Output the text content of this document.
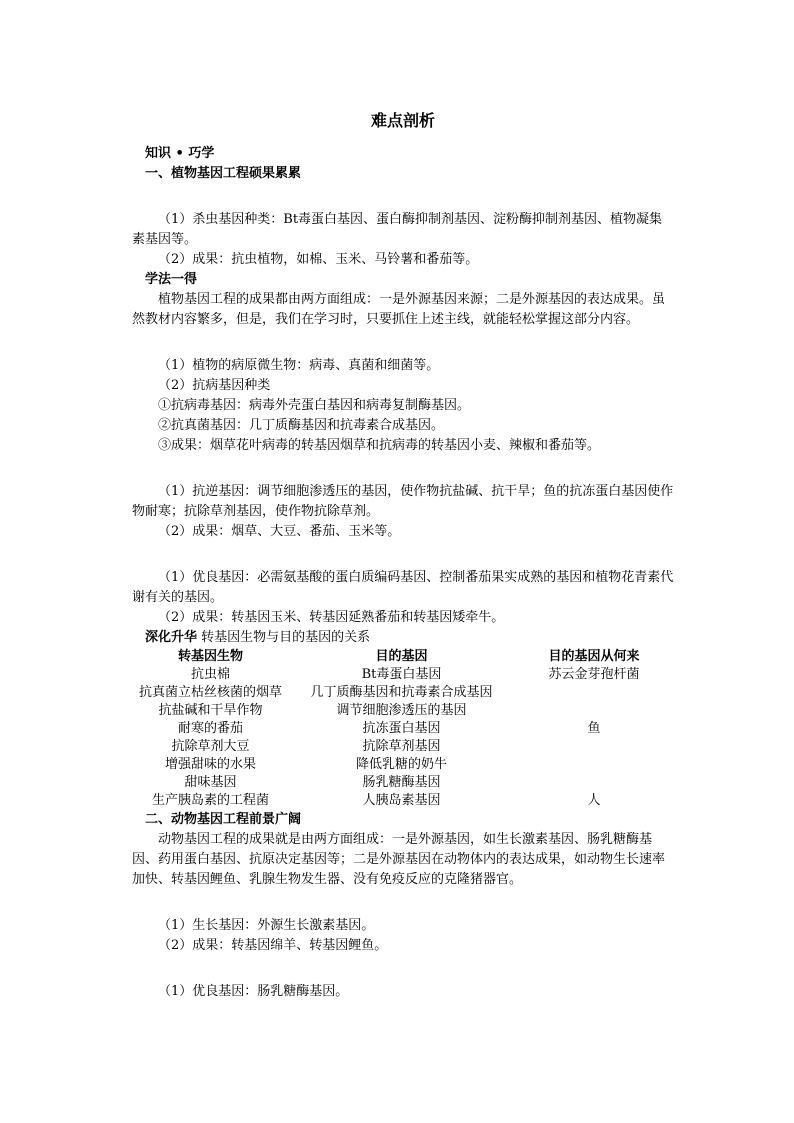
难点剖析
知识 • 巧学
一、植物基因工程硕果累累
（1）杀虫基因种类：Bt毒蛋白基因、蛋白酶抑制剂基因、淀粉酶抑制剂基因、植物凝集素基因等。
（2）成果：抗虫植物，如棉、玉米、马铃薯和番茄等。
学法一得
植物基因工程的成果都由两方面组成：一是外源基因来源；二是外源基因的表达成果。虽然教材内容繁多，但是，我们在学习时，只要抓住上述主线，就能轻松掌握这部分内容。
（1）植物的病原微生物：病毒、真菌和细菌等。
（2）抗病基因种类
①抗病毒基因：病毒外壳蛋白基因和病毒复制酶基因。
②抗真菌基因：几丁质酶基因和抗毒素合成基因。
③成果：烟草花叶病毒的转基因烟草和抗病毒的转基因小麦、辣椒和番茄等。
（1）抗逆基因：调节细胞渗透压的基因，使作物抗盐碱、抗干旱；鱼的抗冻蛋白基因使作物耐寒；抗除草剂基因，使作物抗除草剂。
（2）成果：烟草、大豆、番茄、玉米等。
（1）优良基因：必需氨基酸的蛋白质编码基因、控制番茄果实成熟的基因和植物花青素代谢有关的基因。
（2）成果：转基因玉米、转基因延熟番茄和转基因矮牵牛。
深化升华 转基因生物与目的基因的关系
转基因生物	目的基因	目的基因从何来
抗虫棉	Bt毒蛋白基因	苏云金芽孢杆菌
抗真菌立枯丝核菌的烟草	几丁质酶基因和抗毒素合成基因	
抗盐碱和干旱作物	调节细胞渗透压的基因	
耐寒的番茄	抗冻蛋白基因	鱼
抗除草剂大豆	抗除草剂基因	
增强甜味的水果	降低乳糖的奶牛	
甜味基因	肠乳糖酶基因	
生产胰岛素的工程菌	人胰岛素基因	人
二、动物基因工程前景广阔
动物基因工程的成果就是由两方面组成：一是外源基因，如生长激素基因、肠乳糖酶基因、药用蛋白基因、抗原决定基因等；二是外源基因在动物体内的表达成果，如动物生长速率加快、转基因鲤鱼、乳腺生物发生器、没有免疫反应的克隆猪器官。
（1）生长基因：外源生长激素基因。
（2）成果：转基因绵羊、转基因鲤鱼。
（1）优良基因：肠乳糖酶基因。
